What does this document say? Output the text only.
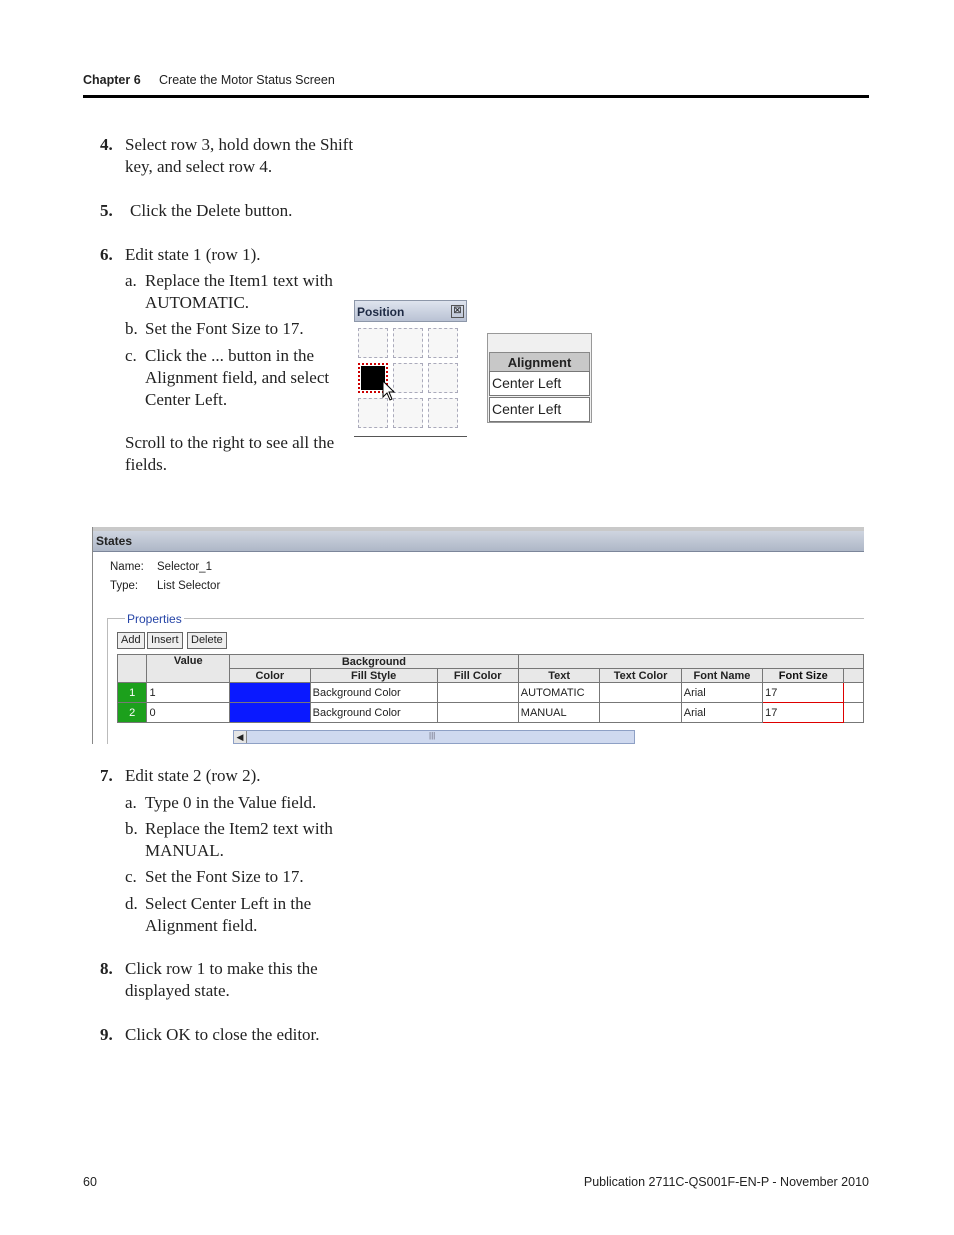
Chapter 6 Create the Motor Status Screen
4. Select row 3, hold down the Shift key, and select row 4.
5. Click the Delete button.
6. Edit state 1 (row 1).
a. Replace the Item1 text with AUTOMATIC.
b. Set the Font Size to 17.
c. Click the ... button in the Alignment field, and select Center Left.
Scroll to the right to see all the fields.
Position	⊠
Alignment
Center Left
Center Left
States
Name: Selector_1
Type: List Selector
Properties
Add Insert	Delete
	Value	Background							
		Color	Fill Style	Fill Color	Text	Text Color	Font Name	Font Size	
1	1		Background Color		AUTOMATIC		Arial	17	
2	0		Background Color		MANUAL		Arial	17	
◀	|||
7. Edit state 2 (row 2).
a. Type 0 in the Value field.
b. Replace the Item2 text with MANUAL.
c. Set the Font Size to 17.
d. Select Center Left in the Alignment field.
8. Click row 1 to make this the displayed state.
9. Click OK to close the editor.
60	Publication 2711C-QS001F-EN-P - November 2010
